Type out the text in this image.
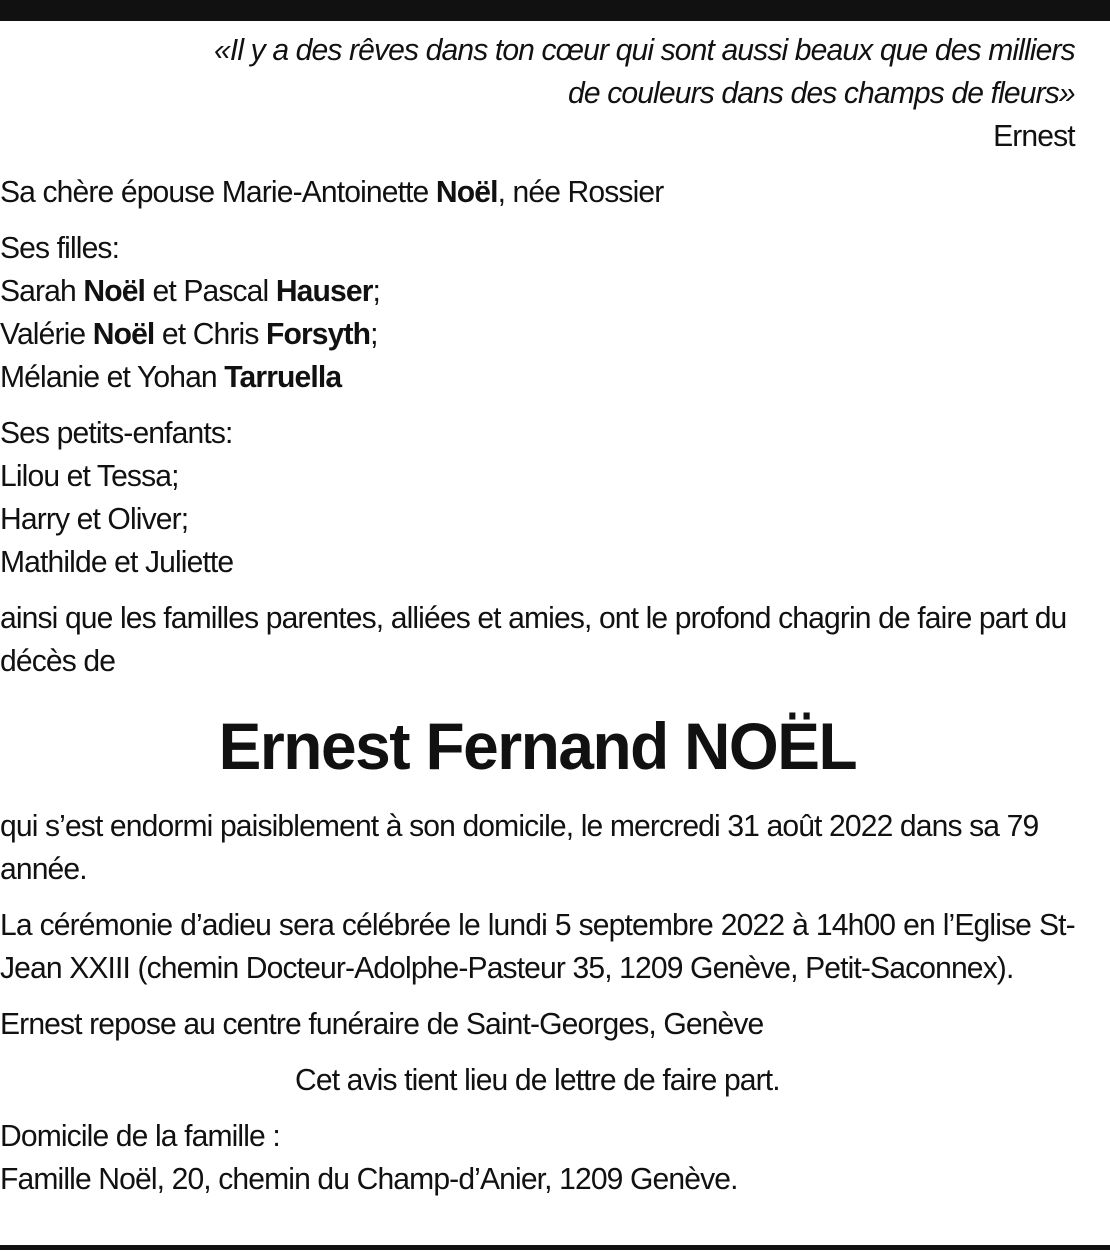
«Il y a des rêves dans ton cœur qui sont aussi beaux que des milliers
de couleurs dans des champs de fleurs»
Ernest

Sa chère épouse Marie-Antoinette Noël, née Rossier

Ses filles:
Sarah Noël et Pascal Hauser;
Valérie Noël et Chris Forsyth;
Mélanie et Yohan Tarruella
Ses petits-enfants:
Lilou et Tessa;
Harry et Oliver;
Mathilde et Juliette

ainsi que les familles parentes, alliées et amies, ont le profond chagrin de faire part du décès de

Ernest Fernand NOËL

qui s’est endormi paisiblement à son domicile, le mercredi 31 août 2022 dans sa 79 année.

La cérémonie d’adieu sera célébrée le lundi 5 septembre 2022 à 14h00 en l’Eglise St-Jean XXIII (chemin Docteur-Adolphe-Pasteur 35, 1209 Genève, Petit-Saconnex).

Ernest repose au centre funéraire de Saint-Georges, Genève

Cet avis tient lieu de lettre de faire part.

Domicile de la famille :
Famille Noël, 20, chemin du Champ-d’Anier, 1209 Genève.
